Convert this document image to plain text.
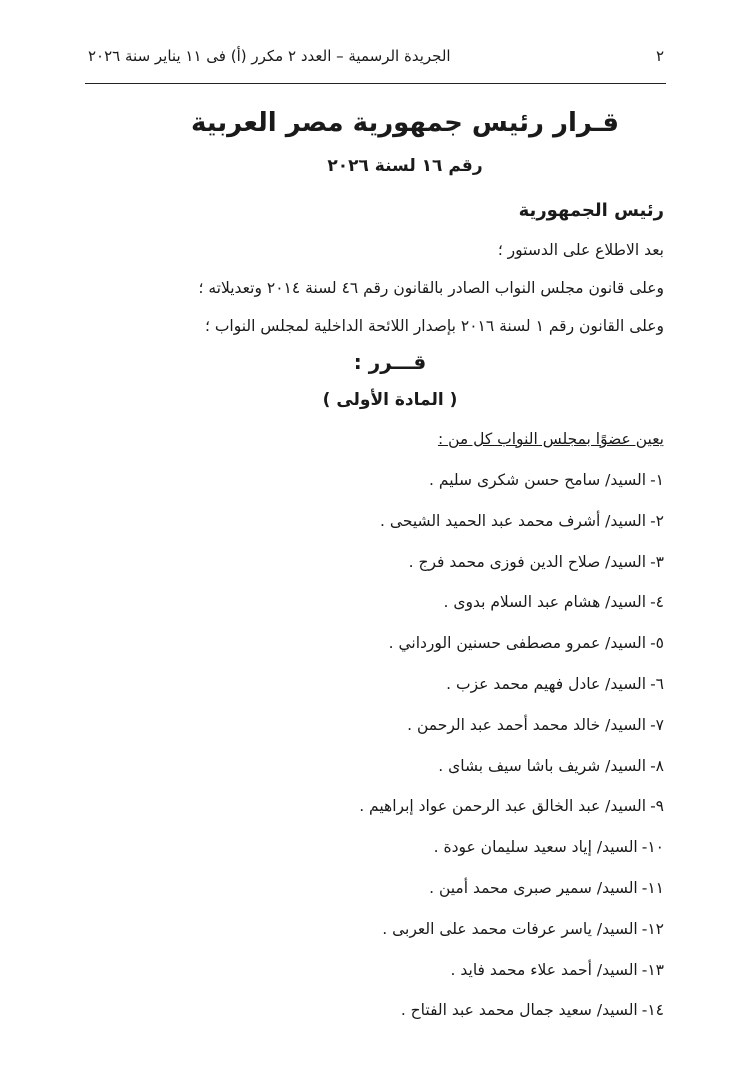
٢
الجريدة الرسمية – العدد ٢ مكرر (أ) فى ١١ يناير سنة ٢٠٢٦
قـرار رئيس جمهورية مصر العربية
رقم ١٦ لسنة ٢٠٢٦
رئيس الجمهورية
بعد الاطلاع على الدستور ؛
وعلى قانون مجلس النواب الصادر بالقانون رقم ٤٦ لسنة ٢٠١٤ وتعديلاته ؛
وعلى القانون رقم ١ لسنة ٢٠١٦ بإصدار اللائحة الداخلية لمجلس النواب ؛
قـــرر :
( المادة الأولى )
يعين عضوًا بمجلس النواب كل من :
١-السيد/ سامح حسن شكرى سليم .
٢-السيد/ أشرف محمد عبد الحميد الشيحى .
٣-السيد/ صلاح الدين فوزى محمد فرج .
٤-السيد/ هشام عبد السلام بدوى .
٥-السيد/ عمرو مصطفى حسنين الورداني .
٦-السيد/ عادل فهيم محمد عزب .
٧-السيد/ خالد محمد أحمد عبد الرحمن .
٨-السيد/ شريف باشا سيف بشاى .
٩-السيد/ عبد الخالق عبد الرحمن عواد إبراهيم .
١٠-السيد/ إياد سعيد سليمان عودة .
١١-السيد/ سمير صبرى محمد أمين .
١٢-السيد/ ياسر عرفات محمد على العربى .
١٣-السيد/ أحمد علاء محمد فايد .
١٤-السيد/ سعيد جمال محمد عبد الفتاح .
